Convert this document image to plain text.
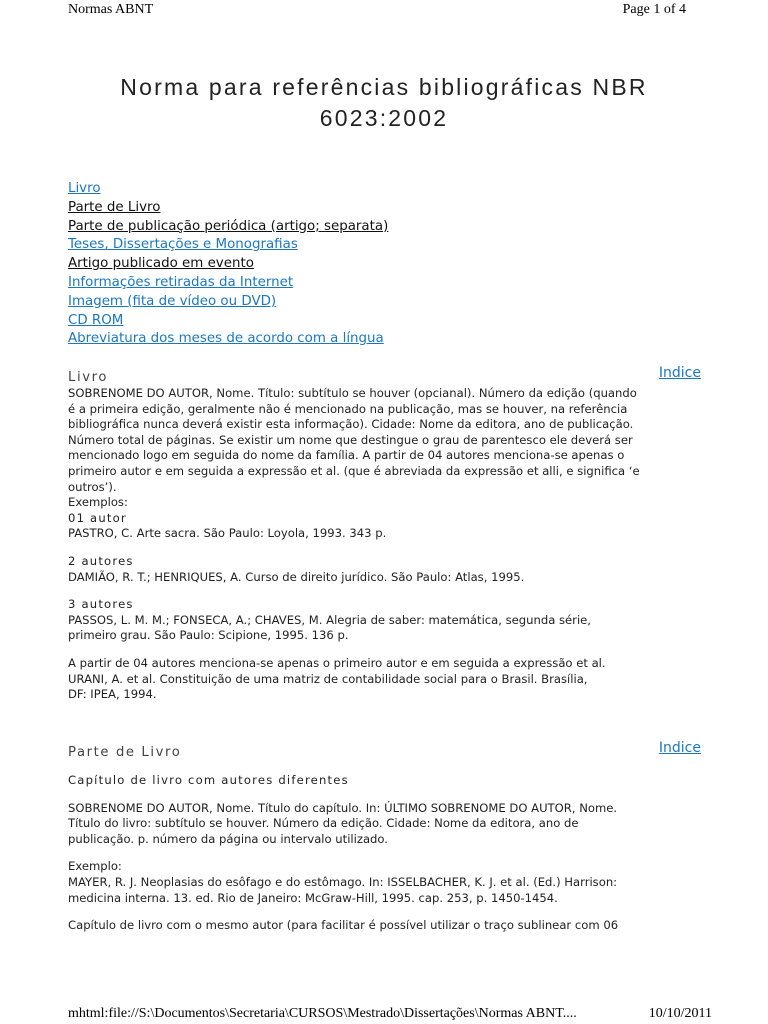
Normas ABNT	Page 1 of 4
Norma para referências bibliográficas NBR
6023:2002
Livro
Parte de Livro
Parte de publicação periódica (artigo; separata)
Teses, Dissertações e Monografias
Artigo publicado em evento
Informações retiradas da Internet
Imagem (fita de vídeo ou DVD)
CD ROM
Abreviatura dos meses de acordo com a língua
Livro	Indice

SOBRENOME DO AUTOR, Nome. Título: subtítulo se houver (opcianal). Número da edição (quando

é a primeira edição, geralmente não é mencionado na publicação, mas se houver, na referência

bibliográfica nunca deverá existir esta informação). Cidade: Nome da editora, ano de publicação.

Número total de páginas. Se existir um nome que destingue o grau de parentesco ele deverá ser

mencionado logo em seguida do nome da família. A partir de 04 autores menciona-se apenas o

primeiro autor e em seguida a expressão et al. (que é abreviada da expressão et alli, e significa ‘e

outros’).

Exemplos:

01 autor

PASTRO, C. Arte sacra. São Paulo: Loyola, 1993. 343 p.

2 autores

DAMIÃO, R. T.; HENRIQUES, A. Curso de direito jurídico. São Paulo: Atlas, 1995.

3 autores

PASSOS, L. M. M.; FONSECA, A.; CHAVES, M. Alegria de saber: matemática, segunda série,

primeiro grau. São Paulo: Scipione, 1995. 136 p.

A partir de 04 autores menciona-se apenas o primeiro autor e em seguida a expressão et al.

URANI, A. et al. Constituição de uma matriz de contabilidade social para o Brasil. Brasília,

DF: IPEA, 1994.

Parte de Livro	Indice

Capítulo de livro com autores diferentes

SOBRENOME DO AUTOR, Nome. Título do capítulo. In: ÚLTIMO SOBRENOME DO AUTOR, Nome.

Título do livro: subtítulo se houver. Número da edição. Cidade: Nome da editora, ano de

publicação. p. número da página ou intervalo utilizado.

Exemplo:

MAYER, R. J. Neoplasias do esôfago e do estômago. In: ISSELBACHER, K. J. et al. (Ed.) Harrison:

medicina interna. 13. ed. Rio de Janeiro: McGraw-Hill, 1995. cap. 253, p. 1450-1454.

Capítulo de livro com o mesmo autor (para facilitar é possível utilizar o traço sublinear com 06

mhtml:file://S:\Documentos\Secretaria\CURSOS\Mestrado\Dissertações\Normas ABNT....	10/10/2011
